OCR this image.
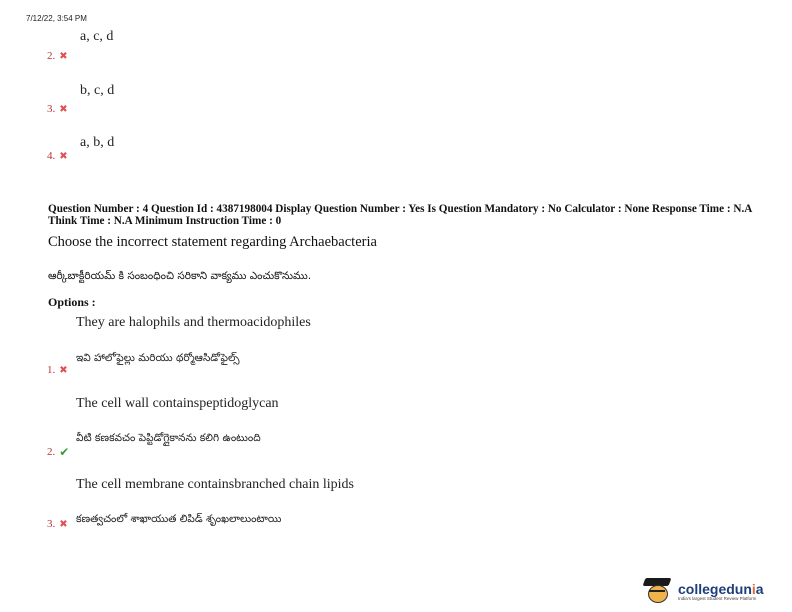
7/12/22, 3:54 PM
a, c, d
2. ✖
b, c, d
3. ✖
a, b, d
4. ✖
Question Number : 4 Question Id : 4387198004 Display Question Number : Yes Is Question Mandatory : No Calculator : None Response Time : N.A Think Time : N.A Minimum Instruction Time : 0
Choose the incorrect statement regarding Archaebacteria
ఆర్కీబాక్టీరియమ్ కి సంబంధించి సరికాని వాక్యము ఎంచుకొనుము.
Options :
They are halophils and thermoacidophiles
ఇవి హాలోఫైల్లు మరియు థర్మోఆసిడోఫైల్స్
1. ✖
The cell wall containspeptidoglycan
వీటి కణకవచం పెప్టిడోగ్లైకానను కలిగి ఉంటుంది
2. ✔
The cell membrane containsbranched chain lipids
కణత్వచంలో శాఖాయుత లిపిడ్ శృంఖలాలుంటాయి
3. ✖
collegedunia
India's largest Student Review Platform
